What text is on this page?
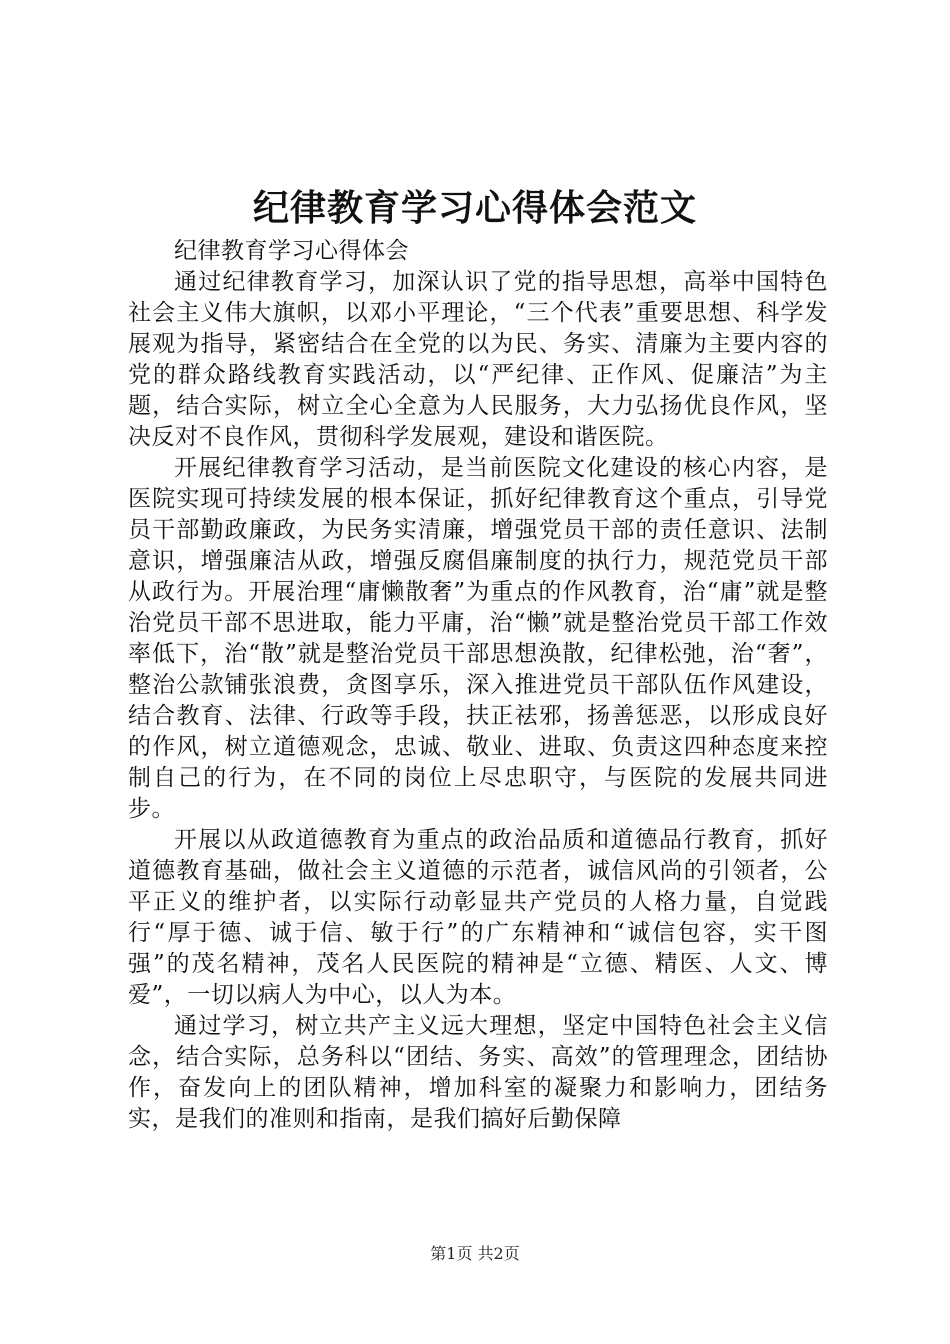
纪律教育学习心得体会范文

纪律教育学习心得体会

通过纪律教育学习，加深认识了党的指导思想，高举中国特色社会主义伟大旗帜，以邓小平理论，“三个代表”重要思想、科学发展观为指导，紧密结合在全党的以为民、务实、清廉为主要内容的党的群众路线教育实践活动，以“严纪律、正作风、促廉洁”为主题，结合实际，树立全心全意为人民服务，大力弘扬优良作风，坚决反对不良作风，贯彻科学发展观，建设和谐医院。

开展纪律教育学习活动，是当前医院文化建设的核心内容，是医院实现可持续发展的根本保证，抓好纪律教育这个重点，引导党员干部勤政廉政，为民务实清廉，增强党员干部的责任意识、法制意识，增强廉洁从政，增强反腐倡廉制度的执行力，规范党员干部从政行为。开展治理“庸懒散奢”为重点的作风教育，治“庸”就是整治党员干部不思进取，能力平庸，治“懒”就是整治党员干部工作效率低下，治“散”就是整治党员干部思想涣散，纪律松弛，治“奢”，整治公款铺张浪费，贪图享乐，深入推进党员干部队伍作风建设，结合教育、法律、行政等手段，扶正祛邪，扬善惩恶，以形成良好的作风，树立道德观念，忠诚、敬业、进取、负责这四种态度来控制自己的行为，在不同的岗位上尽忠职守，与医院的发展共同进步。

开展以从政道德教育为重点的政治品质和道德品行教育，抓好道德教育基础，做社会主义道德的示范者，诚信风尚的引领者，公平正义的维护者，以实际行动彰显共产党员的人格力量，自觉践行“厚于德、诚于信、敏于行”的广东精神和“诚信包容，实干图强”的茂名精神，茂名人民医院的精神是“立德、精医、人文、博爱”，一切以病人为中心，以人为本。

通过学习，树立共产主义远大理想，坚定中国特色社会主义信念，结合实际，总务科以“团结、务实、高效”的管理理念，团结协作，奋发向上的团队精神，增加科室的凝聚力和影响力，团结务实，是我们的准则和指南，是我们搞好后勤保障

第1页 共2页
